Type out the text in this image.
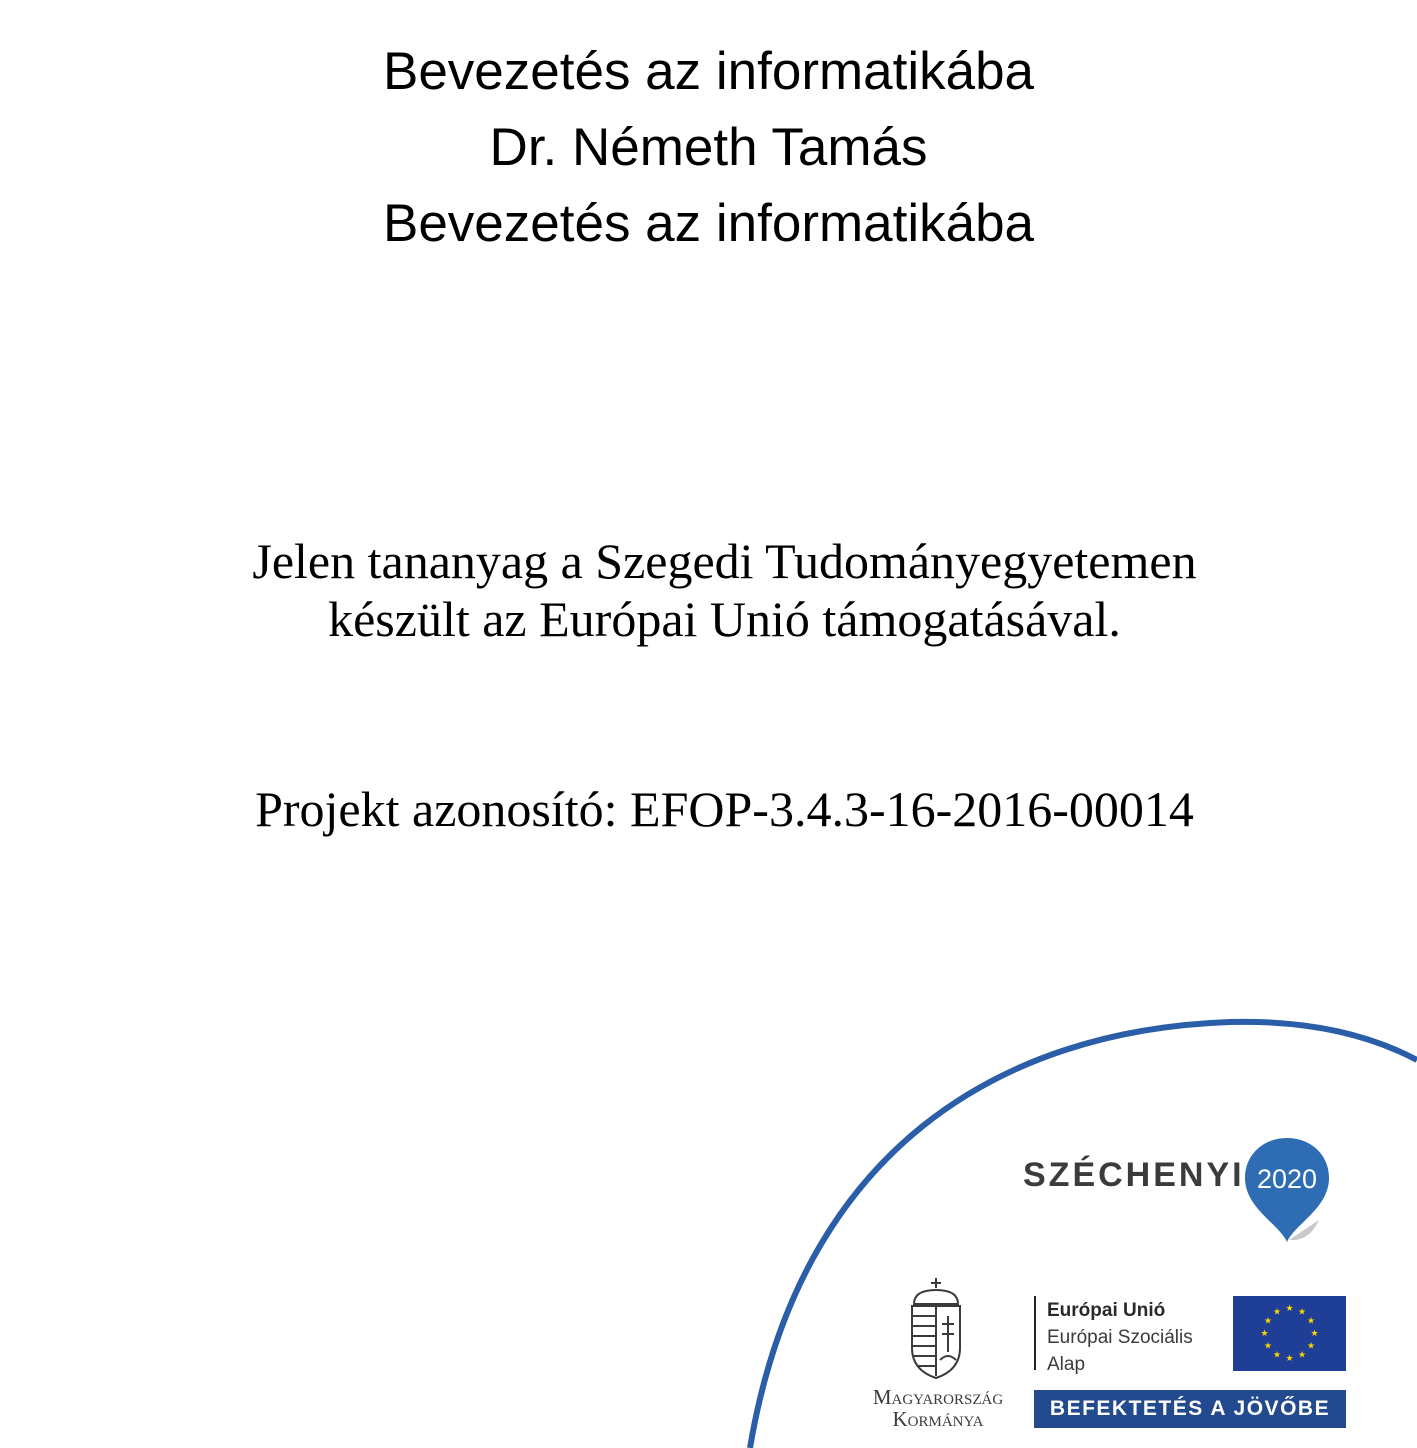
Bevezetés az informatikába
Dr. Németh Tamás
Bevezetés az informatikába
Jelen tananyag a Szegedi Tudományegyetemen
készült az Európai Unió támogatásával.
Projekt azonosító: EFOP-3.4.3-16-2016-00014
SZÉCHENYI 2020
Magyarország
Kormánya
Európai Unió
Európai Szociális
Alap
★ ★
★
★
★
★
★
★
★
★
★
★
BEFEKTETÉS A JÖVŐBE
